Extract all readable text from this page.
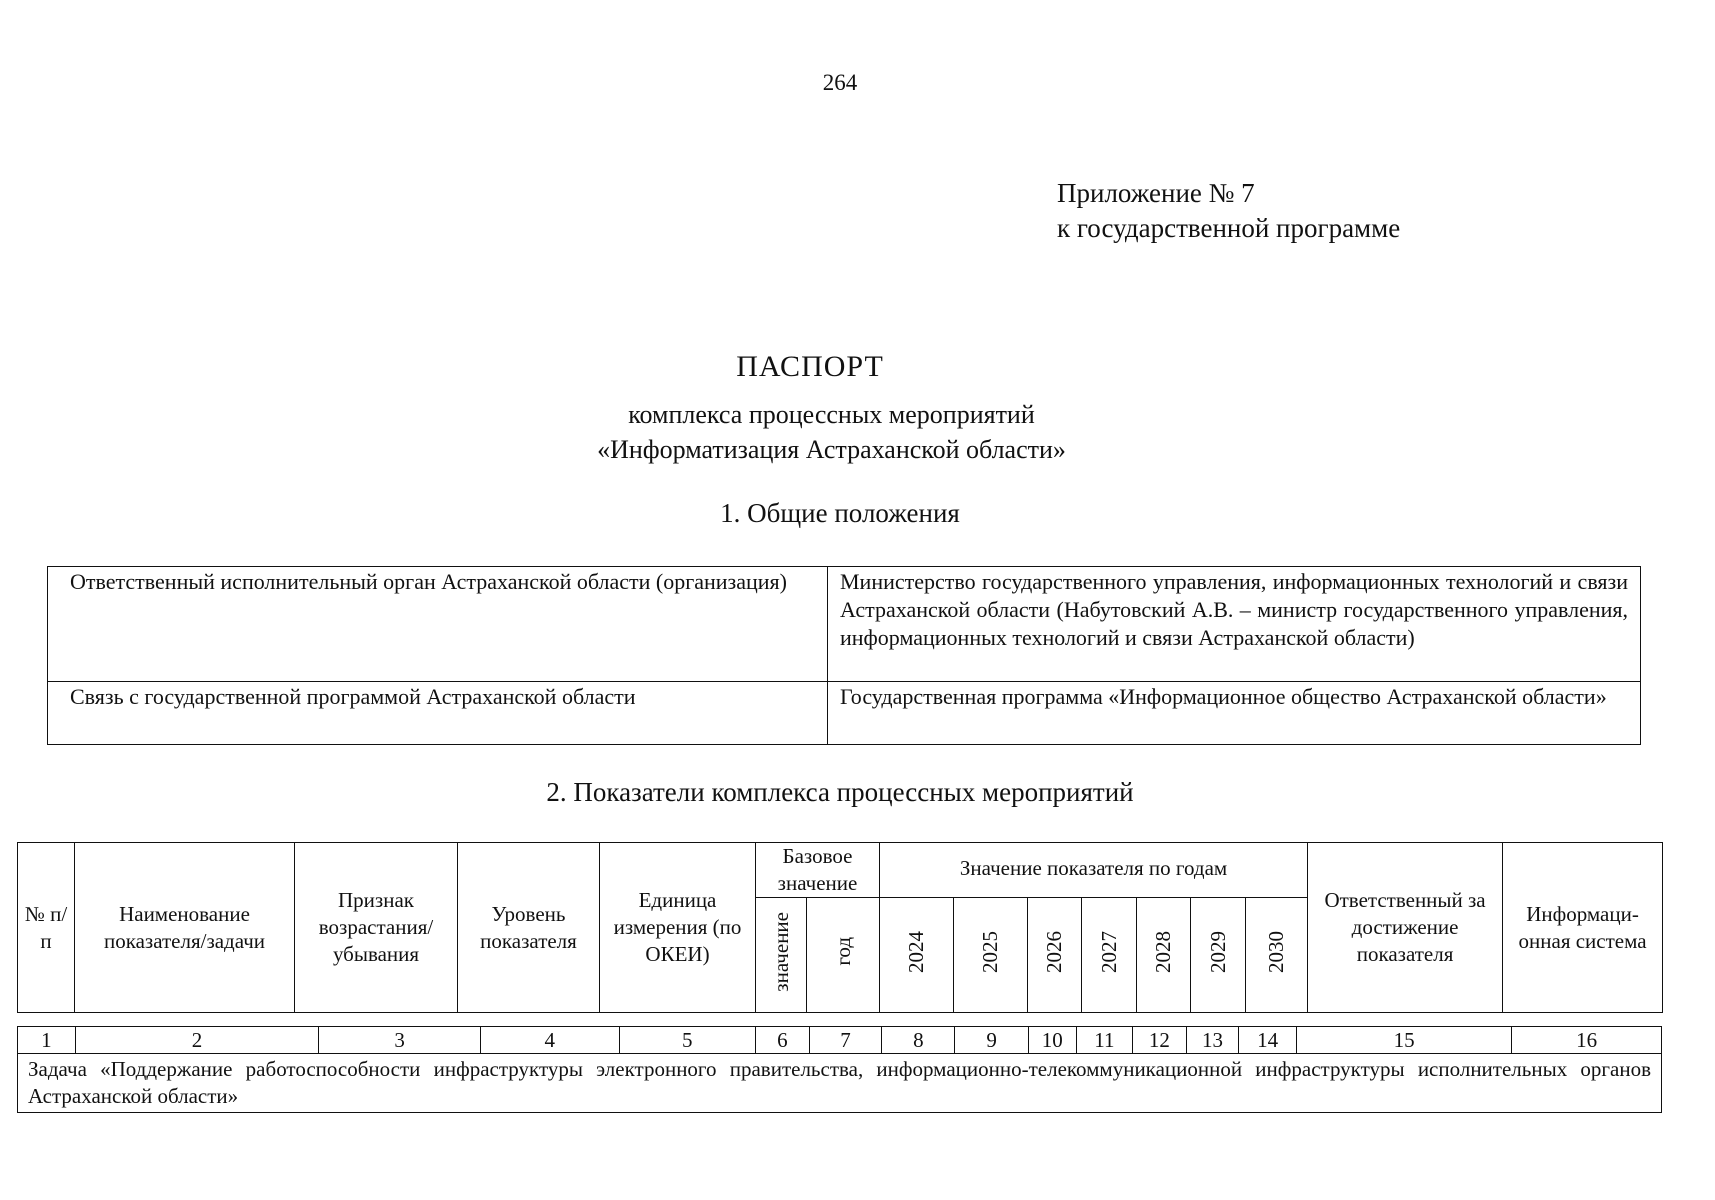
264
Приложение № 7
к государственной программе
ПАСПОРТ
комплекса процессных мероприятий
«Информатизация Астраханской области»
1. Общие положения
Ответственный исполнительный орган Астраханской области (организация)	Министерство государственного управления, информационных технологий и связи Астраханской области (Набутовский А.В. – министр государственного управления, информационных технологий и связи Астраханской области)
Связь с государственной программой Астраханской области	Государственная программа «Информационное общество Астраханской области»
2. Показатели комплекса процессных мероприятий
№ п/п	Наименование показателя/задачи	Признак возрастания/ убывания	Уровень показателя	Единица измерения (по ОКЕИ)	Базовое значение		Значение показателя по годам							Ответственный за достижение показателя	Информаци-онная система
					значение	год	2024	2025	2026	2027	2028	2029	2030		
1	2	3	4	5	6	7	8	9	10	11	12	13	14	15	16
Задача «Поддержание работоспособности инфраструктуры электронного правительства, информационно-телекоммуникационной инфраструктуры исполнительных органов Астраханской области»
